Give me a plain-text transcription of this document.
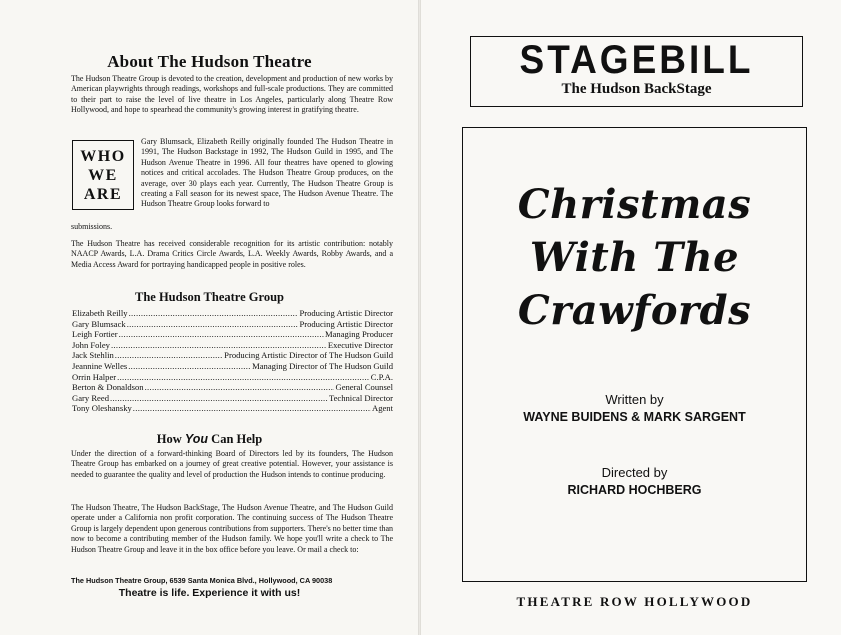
About The Hudson Theatre
The Hudson Theatre Group is devoted to the creation, development and production of new works by American playwrights through readings, workshops and full-scale productions. They are committed to their part to raise the level of live theatre in Los Angeles, particularly along Theatre Row Hollywood, and hope to spearhead the community's growing interest in gratifying theatre.
WHO
WE
ARE
Gary Blumsack, Elizabeth Reilly originally founded The Hudson Theatre in 1991, The Hudson Backstage in 1992, The Hudson Guild in 1995, and The Hudson Avenue Theatre in 1996. All four theatres have opened to glowing notices and critical accolades. The Hudson Theatre Group produces, on the average, over 30 plays each year. Currently, The Hudson Theatre Group is creating a Fall season for its newest space, The Hudson Avenue Theatre. The Hudson Theatre Group looks forward to
submissions.
The Hudson Theatre has received considerable recognition for its artistic contribution: notably NAACP Awards, L.A. Drama Critics Circle Awards, L.A. Weekly Awards, Robby Awards, and a Media Access Award for portraying handicapped people in positive roles.
The Hudson Theatre Group
Elizabeth Reilly .....	Producing Artistic Director
Gary Blumsack .....	Producing Artistic Director
Leigh Fortier .....	Managing Producer
John Foley .....	Executive Director
Jack Stehlin .....	Producing Artistic Director of The Hudson Guild
Jeannine Welles .....	Managing Director of The Hudson Guild
Orrin Halper .....	C.P.A.
Berton & Donaldson .....	General Counsel
Gary Reed .....	Technical Director
Tony Oleshansky .....	Agent
How You Can Help
Under the direction of a forward-thinking Board of Directors led by its founders, The Hudson Theatre Group has embarked on a journey of great creative potential. However, your assistance is needed to guarantee the quality and level of production the Hudson intends to continue producing.
The Hudson Theatre, The Hudson BackStage, The Hudson Avenue Theatre, and The Hudson Guild operate under a California non profit corporation. The continuing success of The Hudson Theatre Group is largely dependent upon generous contributions from supporters. There's no better time than now to become a contributing member of the Hudson family. We hope you'll write a check to The Hudson Theatre Group and leave it in the box office before you leave. Or mail a check to:
The Hudson Theatre Group, 6539 Santa Monica Blvd., Hollywood, CA 90038
Theatre is life. Experience it with us!
STAGEBILL
The Hudson BackStage
Christmas
With The
Crawfords
Written by
WAYNE BUIDENS & MARK SARGENT
Directed by
RICHARD HOCHBERG
THEATRE ROW HOLLYWOOD
